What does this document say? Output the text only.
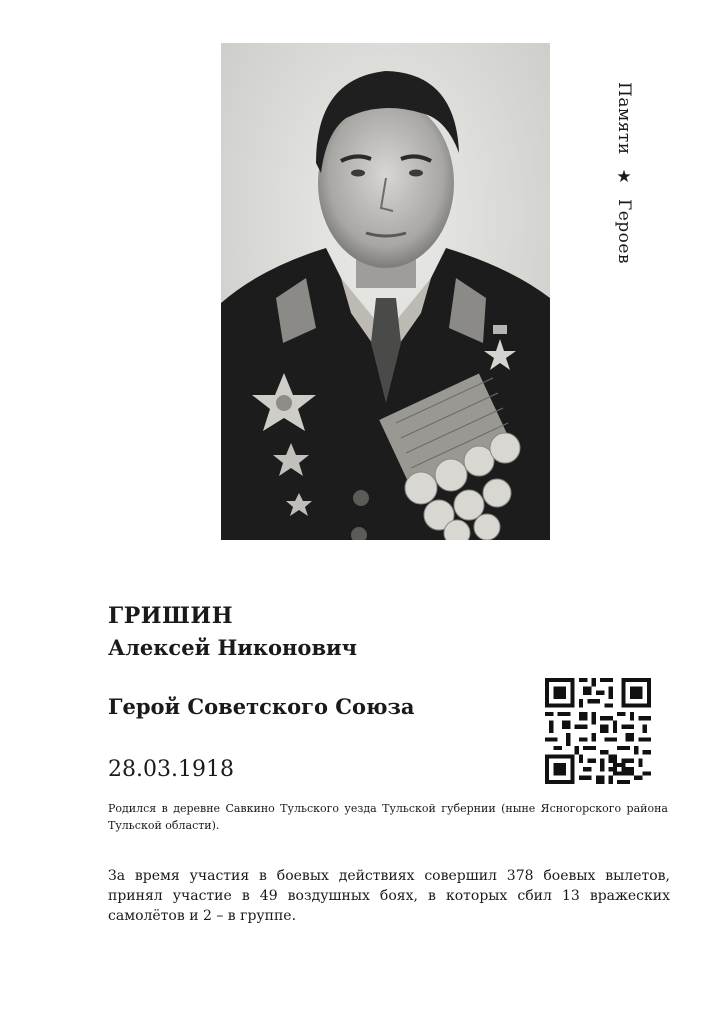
Памяти ★ Героев
ГРИШИН
Алексей Никонович
Герой Советского Союза
28.03.1918
Родился в деревне Савкино Тульского уезда Тульской губернии (ныне Ясногорского района Тульской области).
За время участия в боевых действиях совершил 378 боевых вылетов, принял участие в 49 воздушных боях, в которых сбил 13 вражеских самолётов и 2 – в группе.
